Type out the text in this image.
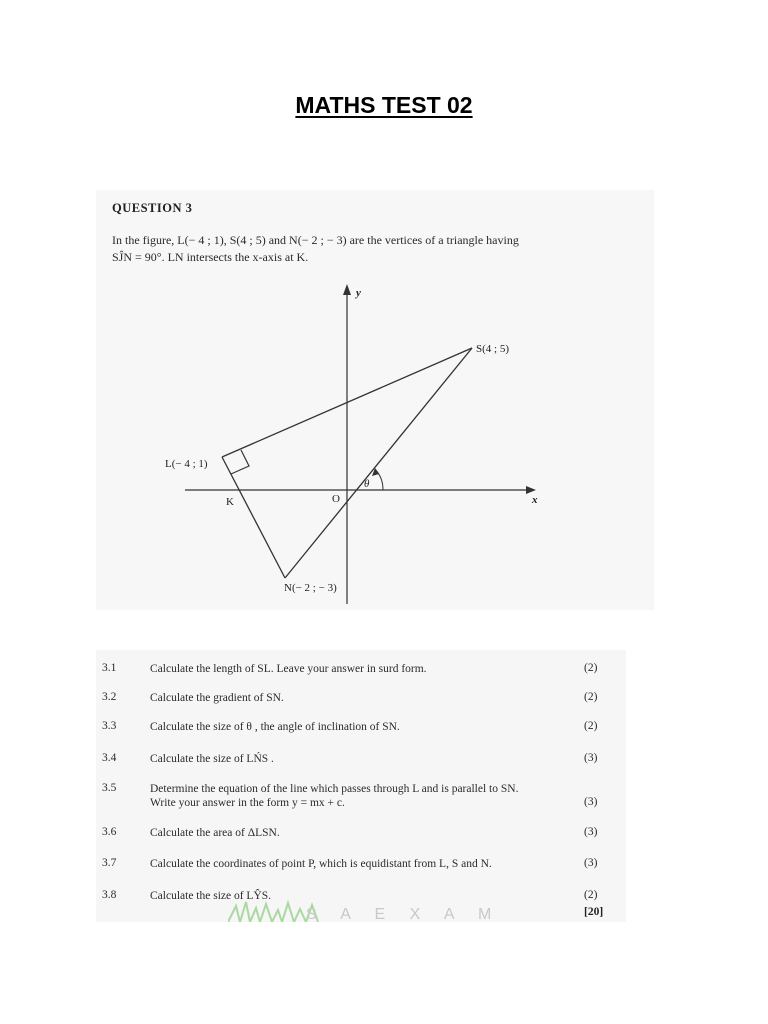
MATHS TEST 02
QUESTION 3
In the figure, L(− 4 ; 1), S(4 ; 5) and N(− 2 ; − 3) are the vertices of a triangle having
SĴN = 90°. LN intersects the x-axis at K.
y
x
O
θ
S(4 ; 5)
L(− 4 ; 1)
N(− 2 ; − 3)
K
3.1	Calculate the length of SL. Leave your answer in surd form.	(2)
3.2	Calculate the gradient of SN.	(2)
3.3	Calculate the size of θ , the angle of inclination of SN.	(2)
3.4	Calculate the size of LŃS .	(3)
3.5	Determine the equation of the line which passes through L and is parallel to SN.
Write your answer in the form y = mx + c.	(3)
3.6	Calculate the area of ΔLSN.	(3)
3.7	Calculate the coordinates of point P, which is equidistant from L, S and N.	(3)
3.8	Calculate the size of LŶS.	(2)
S A E X A M	[20]
